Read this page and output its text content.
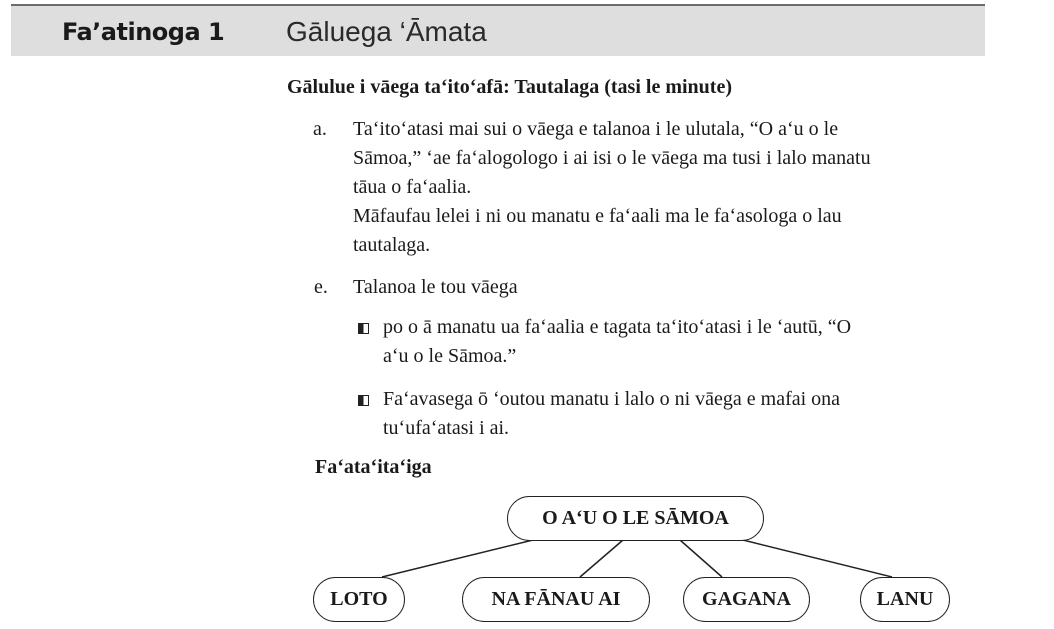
Fa’atinoga 1 Gāluega ‘Āmata
Gālulue i vāega ta‘ito‘afā: Tautalaga (tasi le minute)
a. Ta‘ito‘atasi mai sui o vāega e talanoa i le ulutala, “O a‘u o le
Sāmoa,” ‘ae fa‘alogologo i ai isi o le vāega ma tusi i lalo manatu
tāua o fa‘aalia.
Māfaufau lelei i ni ou manatu e fa‘aali ma le fa‘asologa o lau
tautalaga.
e. Talanoa le tou vāega
po o ā manatu ua fa‘aalia e tagata ta‘ito‘atasi i le ‘autū, “O
a‘u o le Sāmoa.”
Fa‘avasega ō ‘outou manatu i lalo o ni vāega e mafai ona
tu‘ufa‘atasi i ai.
Fa‘ata‘ita‘iga
O A‘U O LE SĀMOA
LOTO	NA FĀNAU AI	GAGANA	LANU
